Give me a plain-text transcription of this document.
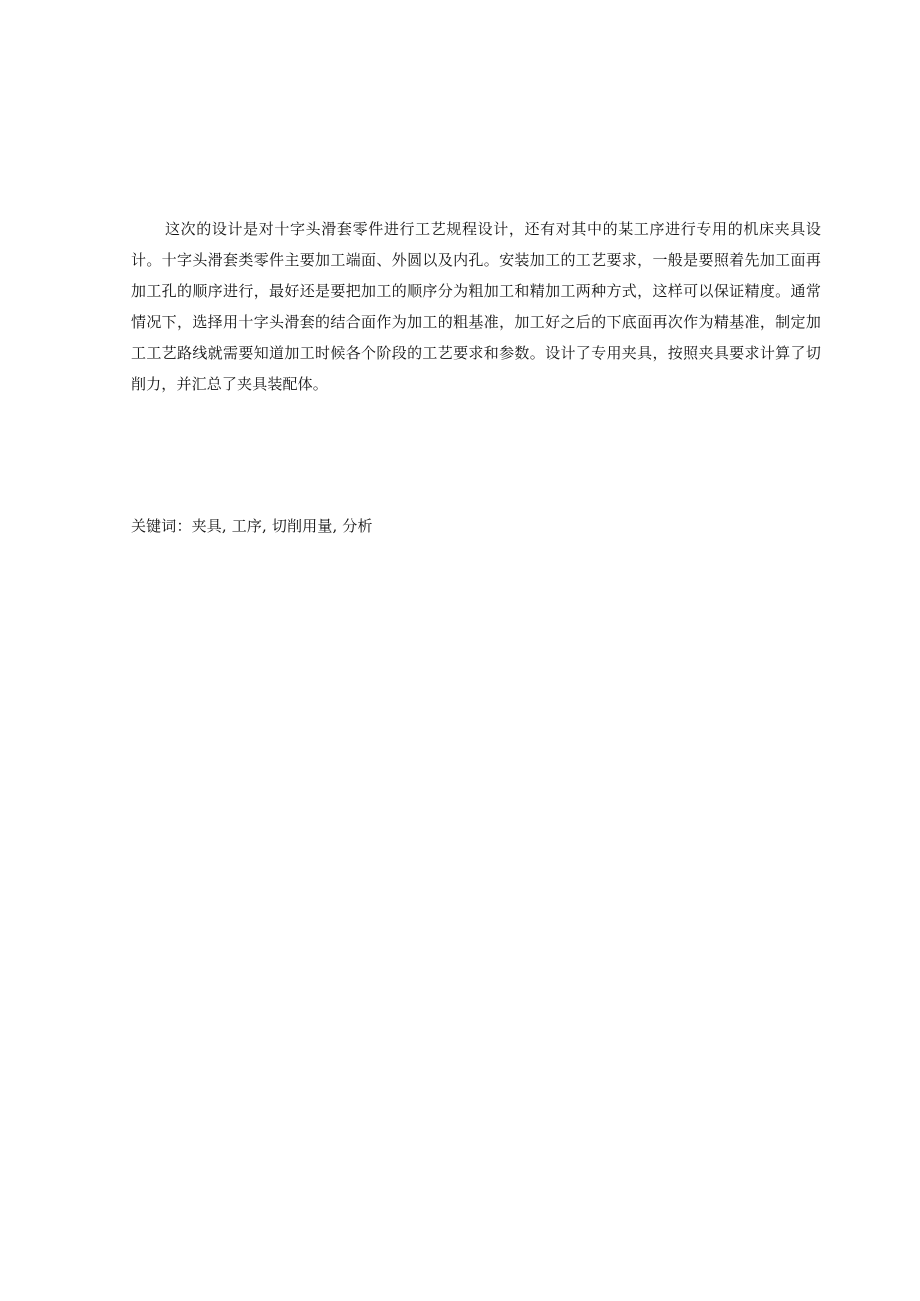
这次的设计是对十字头滑套零件进行工艺规程设计，还有对其中的某工序进行专用的机床夹具设计。十字头滑套类零件主要加工端面、外圆以及内孔。安装加工的工艺要求，一般是要照着先加工面再加工孔的顺序进行，最好还是要把加工的顺序分为粗加工和精加工两种方式，这样可以保证精度。通常情况下，选择用十字头滑套的结合面作为加工的粗基准，加工好之后的下底面再次作为精基准，制定加工工艺路线就需要知道加工时候各个阶段的工艺要求和参数。设计了专用夹具，按照夹具要求计算了切削力，并汇总了夹具装配体。

关键词：夹具, 工序, 切削用量, 分析
